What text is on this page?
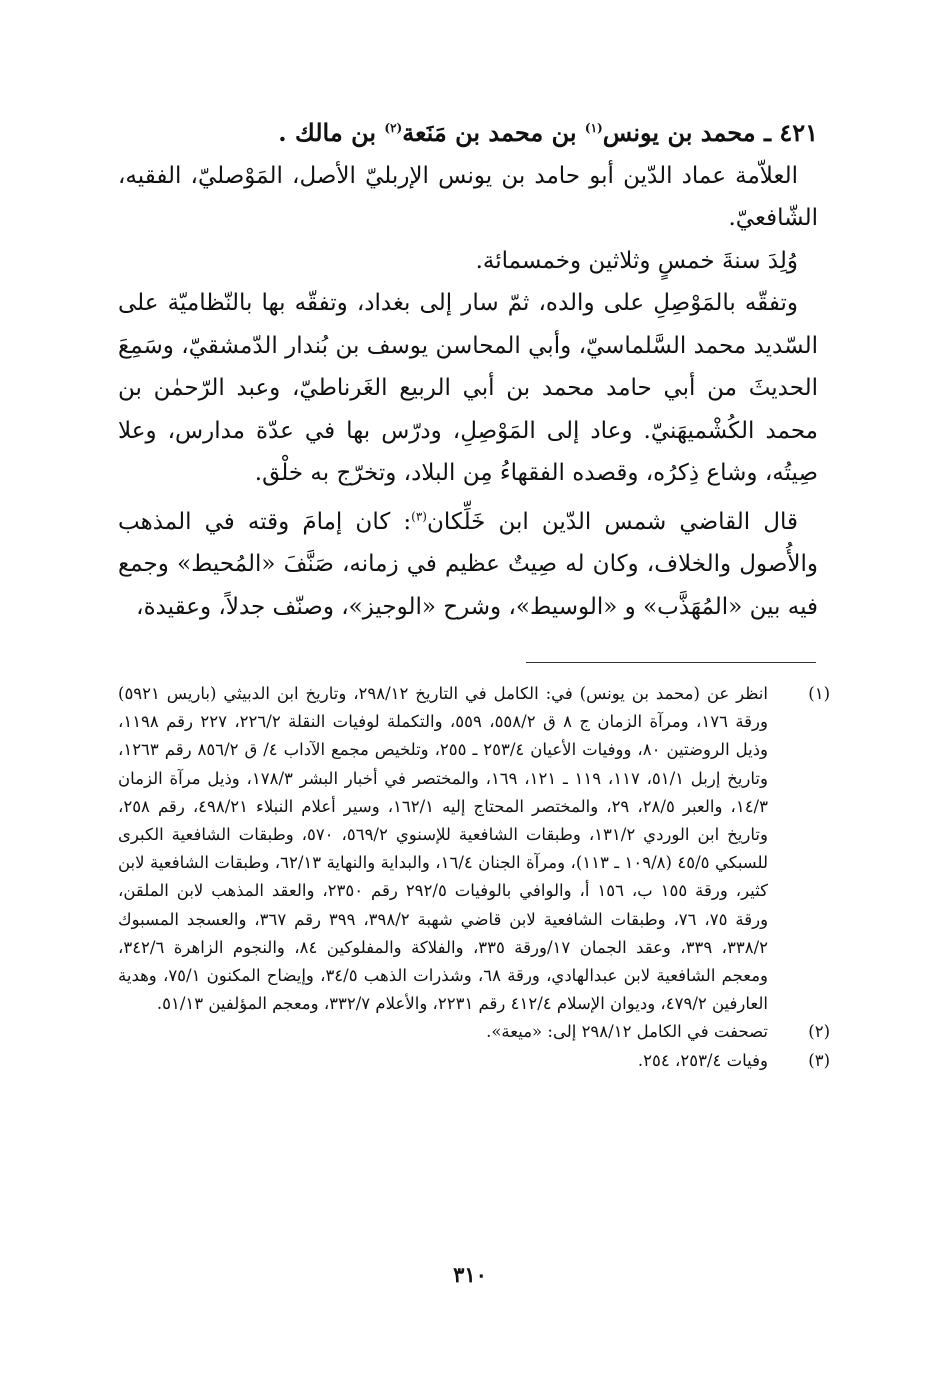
٤٢١ ـ محمد بن يونس$^{(١)}$ بن محمد بن مَنَعة$^{(٢)}$ بن مالك .

العلاّمة عماد الدّين أبو حامد بن يونس الإربليّ الأصل، المَوْصليّ، الفقيه، الشّافعيّ.

وُلِدَ سنةَ خمسٍ وثلاثين وخمسمائة.

وتفقّه بالمَوْصِلِ على والده، ثمّ سار إلى بغداد، وتفقّه بها بالنّظاميّة على السّديد محمد السَّلماسيّ، وأبي المحاسن يوسف بن بُندار الدّمشقيّ، وسَمِعَ الحديثَ من أبي حامد محمد بن أبي الربيع الغَرناطيّ، وعبد الرّحمٰن بن محمد الكُشْميهَنيّ. وعاد إلى المَوْصِلِ، ودرّس بها في عدّة مدارس، وعلا صِيتُه، وشاع ذِكرُه، وقصده الفقهاءُ مِن البلاد، وتخرّج به خلْق.

قال القاضي شمس الدّين ابن خَلِّكان$^{(٣)}$: كان إمامَ وقته في المذهب والأُصول والخلاف، وكان له صِيتٌ عظيم في زمانه، صَنَّفَ «المُحيط» وجمع فيه بين «المُهَذَّب» و «الوسيط»، وشرح «الوجيز»، وصنّف جدلاً، وعقيدة،

(١)
انظر عن (محمد بن يونس) في: الكامل في التاريخ ٢٩٨/١٢، وتاريخ ابن الدبيثي (باريس ٥٩٢١) ورقة ١٧٦، ومرآة الزمان ج ٨ ق ٥٥٨/٢، ٥٥٩، والتكملة لوفيات النقلة ٢٢٦/٢، ٢٢٧ رقم ١١٩٨، وذيل الروضتين ٨٠، ووفيات الأعيان ٢٥٣/٤ ـ ٢٥٥، وتلخيص مجمع الآداب ٤/ ق ٨٥٦/٢ رقم ١٢٦٣، وتاريخ إربل ٥١/١، ١١٧، ١١٩ ـ ١٢١، ١٦٩، والمختصر في أخبار البشر ١٧٨/٣، وذيل مرآة الزمان ١٤/٣، والعبر ٢٨/٥، ٢٩، والمختصر المحتاج إليه ١٦٢/١، وسير أعلام النبلاء ٤٩٨/٢١، رقم ٢٥٨، وتاريخ ابن الوردي ١٣١/٢، وطبقات الشافعية للإسنوي ٥٦٩/٢، ٥٧٠، وطبقات الشافعية الكبرى للسبكي ٤٥/٥ (١٠٩/٨ ـ ١١٣)، ومرآة الجنان ١٦/٤، والبداية والنهاية ٦٢/١٣، وطبقات الشافعية لابن كثير، ورقة ١٥٥ ب، ١٥٦ أ، والوافي بالوفيات ٢٩٢/٥ رقم ٢٣٥٠، والعقد المذهب لابن الملقن، ورقة ٧٥، ٧٦، وطبقات الشافعية لابن قاضي شهبة ٣٩٨/٢، ٣٩٩ رقم ٣٦٧، والعسجد المسبوك ٣٣٨/٢، ٣٣٩، وعقد الجمان ١٧/ورقة ٣٣٥، والفلاكة والمفلوكين ٨٤، والنجوم الزاهرة ٣٤٢/٦، ومعجم الشافعية لابن عبدالهادي، ورقة ٦٨، وشذرات الذهب ٣٤/٥، وإيضاح المكنون ٧٥/١، وهدية العارفين ٤٧٩/٢، وديوان الإسلام ٤١٢/٤ رقم ٢٢٣١، والأعلام ٣٣٢/٧، ومعجم المؤلفين ٥١/١٣.
(٢)
تصحفت في الكامل ٢٩٨/١٢ إلى: «ميعة».
(٣)
وفيات ٢٥٣/٤، ٢٥٤.
٣١٠
